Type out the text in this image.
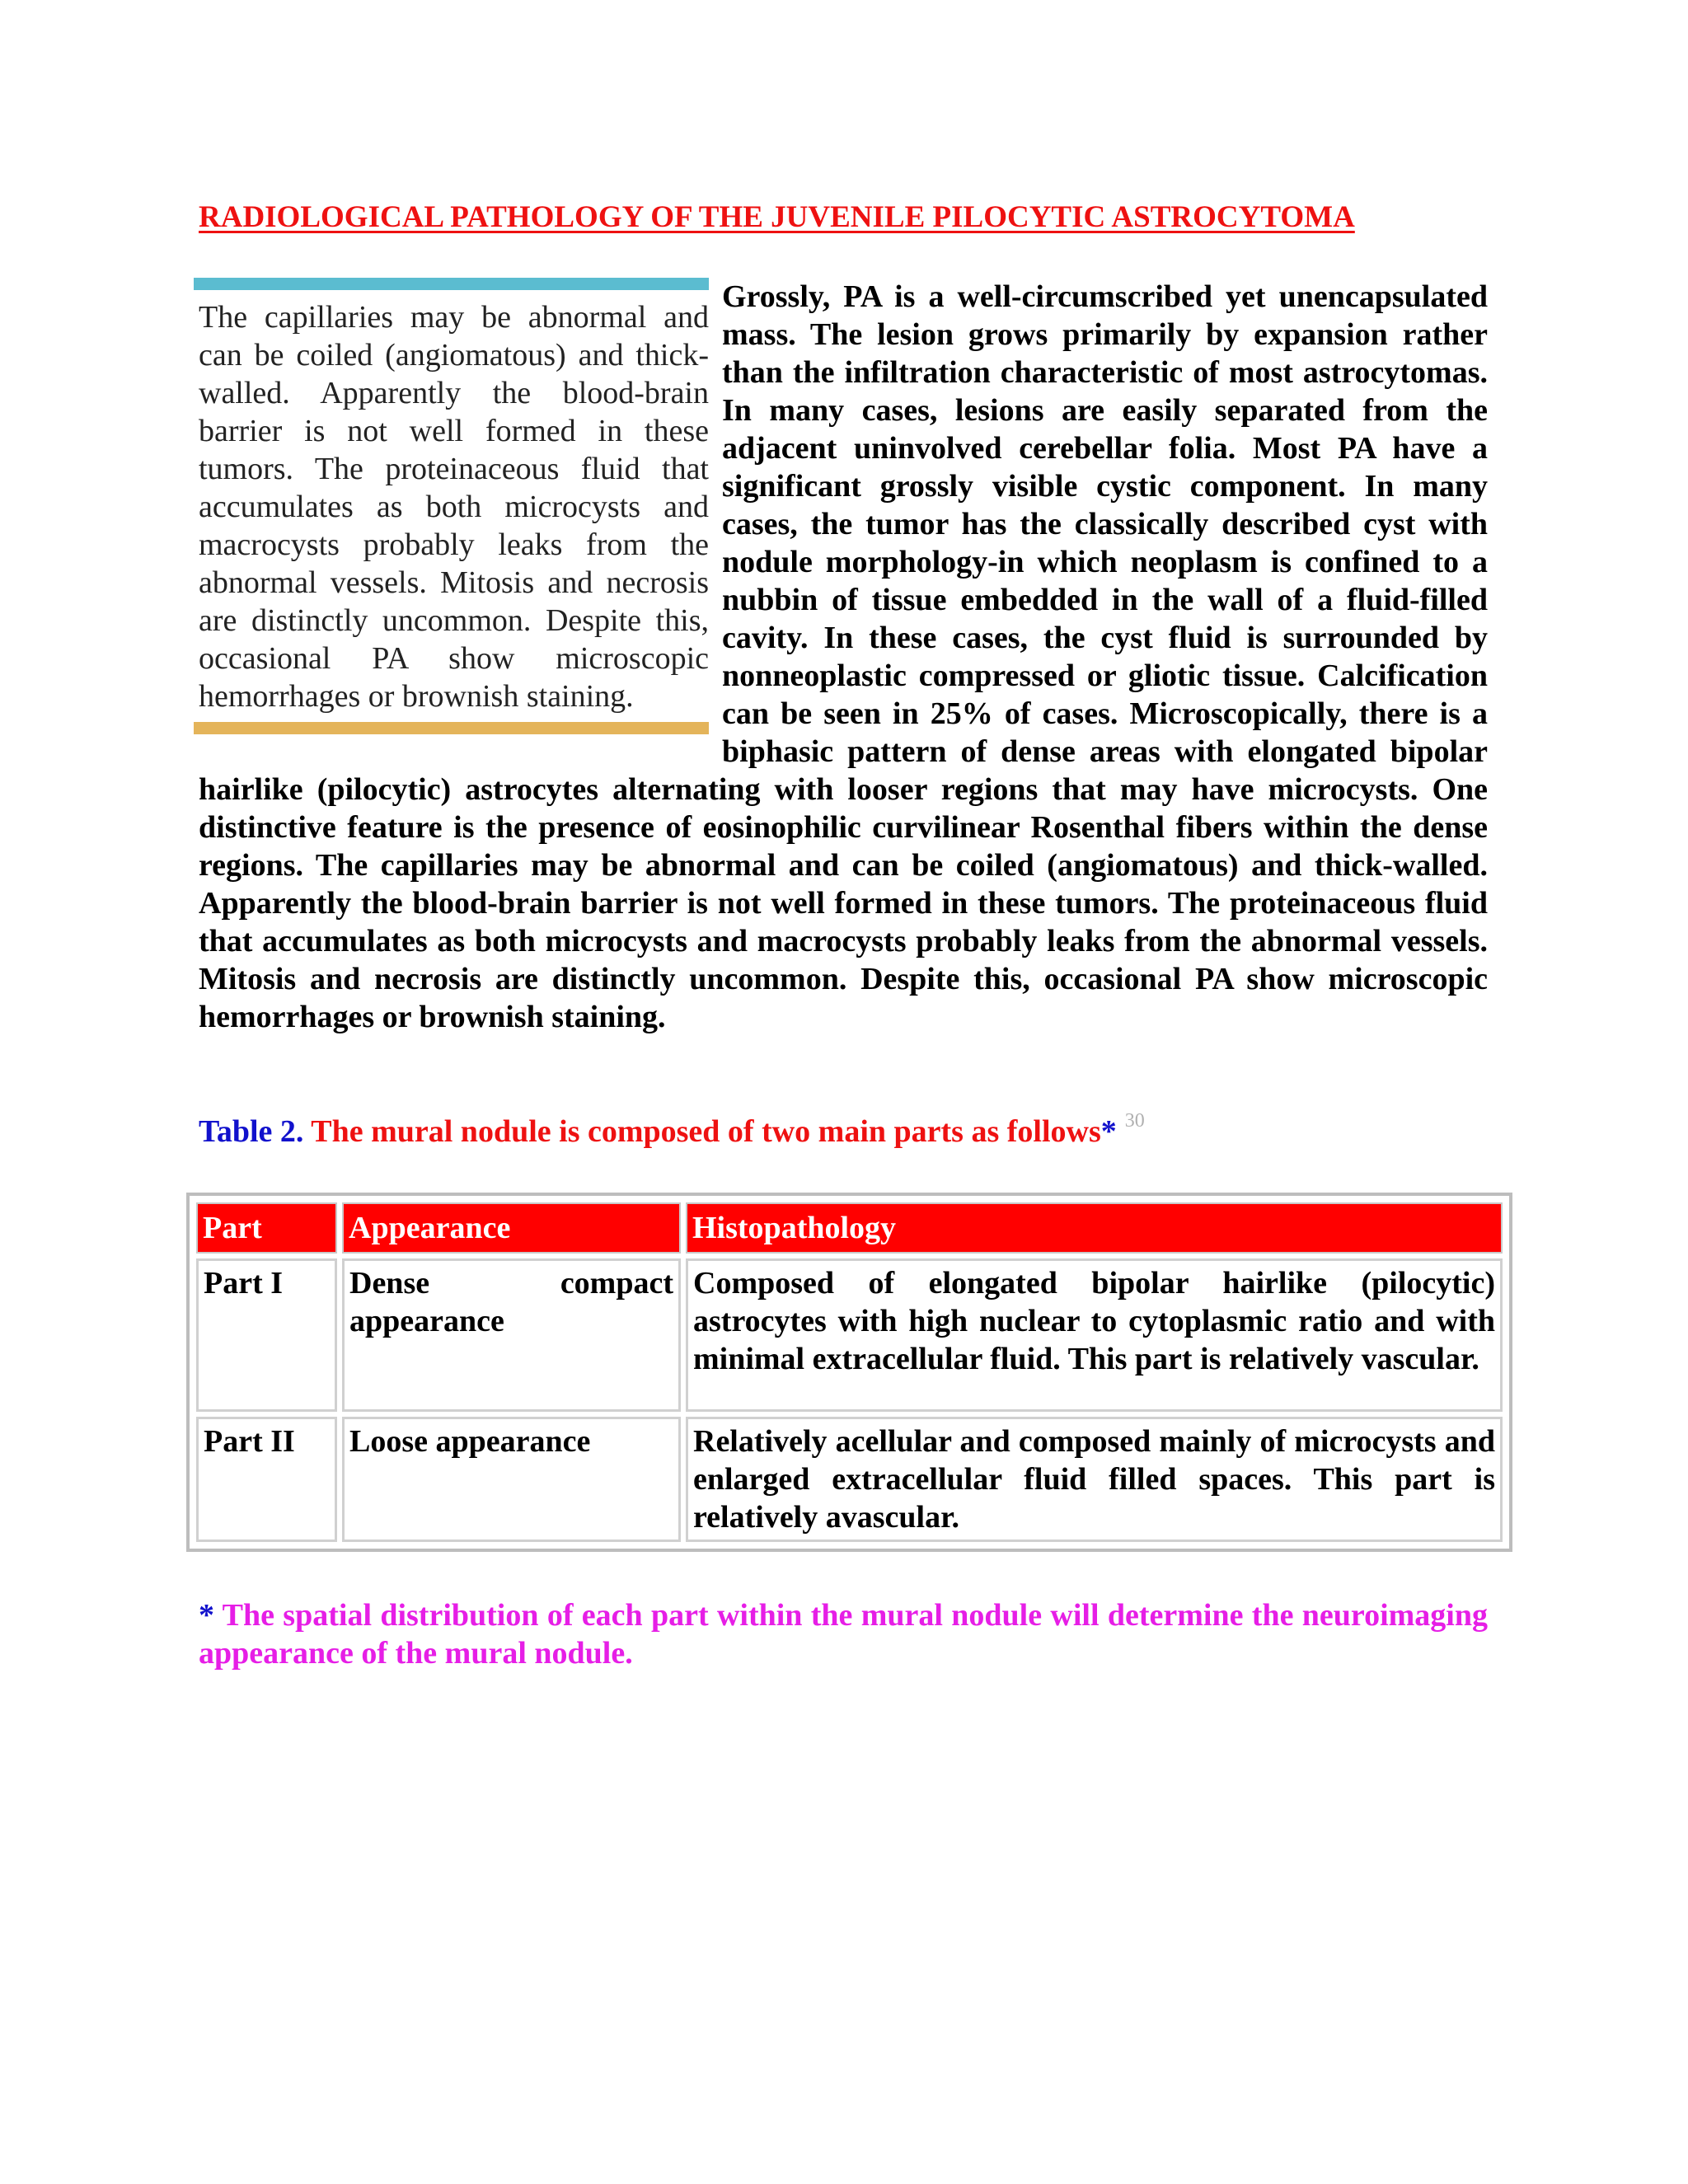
RADIOLOGICAL PATHOLOGY OF THE JUVENILE PILOCYTIC ASTROCYTOMA
The capillaries may be abnormal and can be coiled (angiomatous) and thick-walled. Apparently the blood-brain barrier is not well formed in these tumors. The proteinaceous fluid that accumulates as both microcysts and macrocysts probably leaks from the abnormal vessels. Mitosis and necrosis are distinctly uncommon. Despite this, occasional PA show microscopic hemorrhages or brownish staining.
Grossly, PA is a well-circumscribed yet unencapsulated mass. The lesion grows primarily by expansion rather than the infiltration characteristic of most astrocytomas. In many cases, lesions are easily separated from the adjacent uninvolved cerebellar folia. Most PA have a significant grossly visible cystic component. In many cases, the tumor has the classically described cyst with nodule morphology-in which neoplasm is confined to a nubbin of tissue embedded in the wall of a fluid-filled cavity. In these cases, the cyst fluid is surrounded by nonneoplastic compressed or gliotic tissue. Calcification can be seen in 25% of cases. Microscopically, there is a biphasic pattern of dense areas with elongated bipolar hairlike (pilocytic) astrocytes alternating with looser regions that may have microcysts. One distinctive feature is the presence of eosinophilic curvilinear Rosenthal fibers within the dense regions. The capillaries may be abnormal and can be coiled (angiomatous) and thick-walled. Apparently the blood-brain barrier is not well formed in these tumors. The proteinaceous fluid that accumulates as both microcysts and macrocysts probably leaks from the abnormal vessels. Mitosis and necrosis are distinctly uncommon. Despite this, occasional PA show microscopic hemorrhages or brownish staining.
Table 2. The mural nodule is composed of two main parts as follows* $^{30}$
Part	Appearance	Histopathology
Part I	Dense compact appearance	Composed of elongated bipolar hairlike (pilocytic) astrocytes with high nuclear to cytoplasmic ratio and with minimal extracellular fluid. This part is relatively vascular.
Part II	Loose appearance	Relatively acellular and composed mainly of microcysts and enlarged extracellular fluid filled spaces. This part is relatively avascular.
* The spatial distribution of each part within the mural nodule will determine the neuroimaging appearance of the mural nodule.
